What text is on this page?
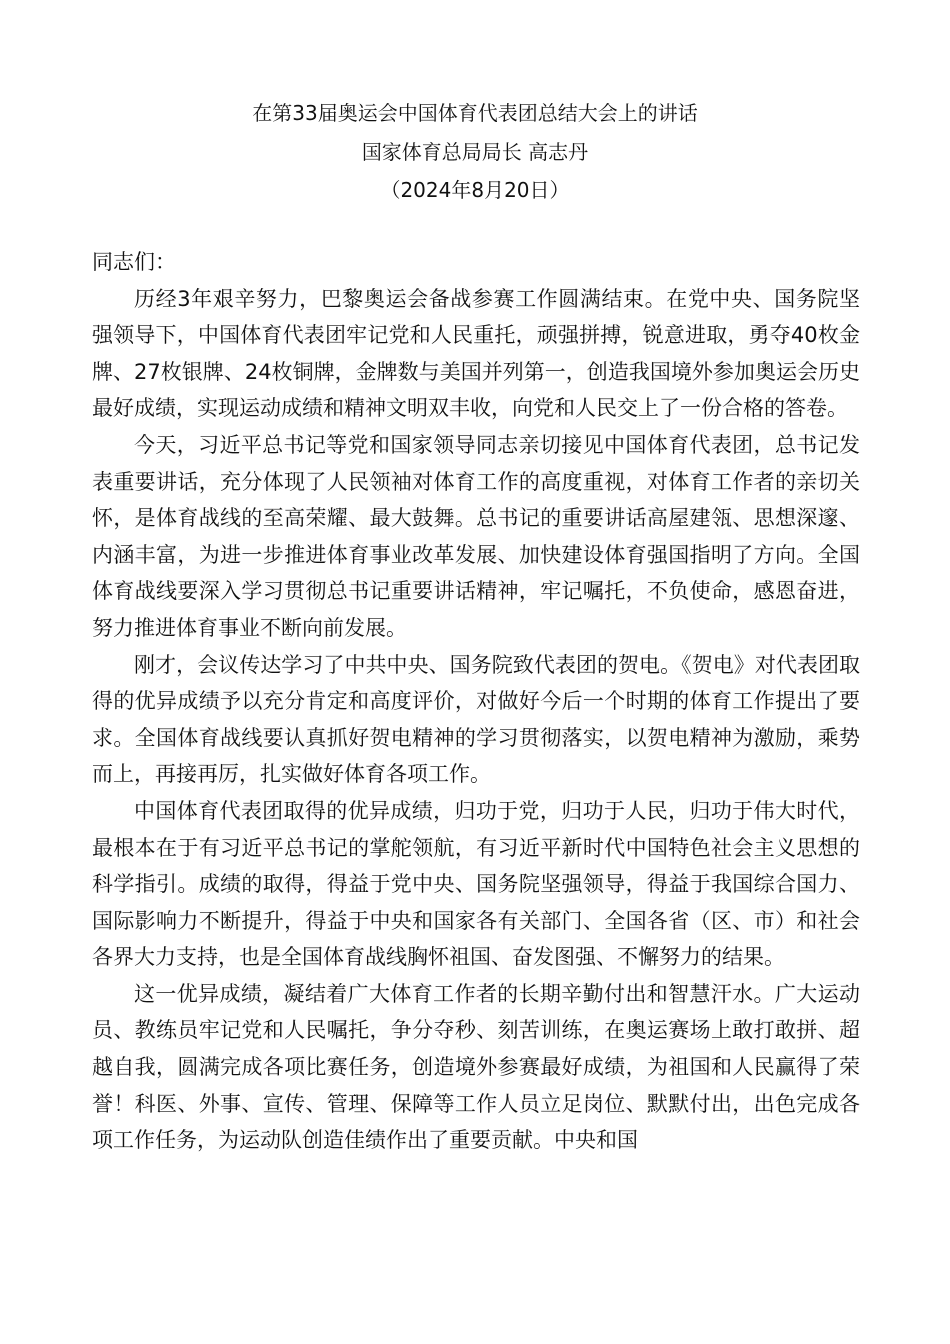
在第33届奥运会中国体育代表团总结大会上的讲话
国家体育总局局长 高志丹
（2024年8月20日）

同志们：

历经3年艰辛努力，巴黎奥运会备战参赛工作圆满结束。在党中央、国务院坚强领导下，中国体育代表团牢记党和人民重托，顽强拼搏，锐意进取，勇夺40枚金牌、27枚银牌、24枚铜牌，金牌数与美国并列第一，创造我国境外参加奥运会历史最好成绩，实现运动成绩和精神文明双丰收，向党和人民交上了一份合格的答卷。

今天，习近平总书记等党和国家领导同志亲切接见中国体育代表团，总书记发表重要讲话，充分体现了人民领袖对体育工作的高度重视，对体育工作者的亲切关怀，是体育战线的至高荣耀、最大鼓舞。总书记的重要讲话高屋建瓴、思想深邃、内涵丰富，为进一步推进体育事业改革发展、加快建设体育强国指明了方向。全国体育战线要深入学习贯彻总书记重要讲话精神，牢记嘱托，不负使命，感恩奋进，努力推进体育事业不断向前发展。

刚才，会议传达学习了中共中央、国务院致代表团的贺电。《贺电》对代表团取得的优异成绩予以充分肯定和高度评价，对做好今后一个时期的体育工作提出了要求。全国体育战线要认真抓好贺电精神的学习贯彻落实，以贺电精神为激励，乘势而上，再接再厉，扎实做好体育各项工作。

中国体育代表团取得的优异成绩，归功于党，归功于人民，归功于伟大时代，最根本在于有习近平总书记的掌舵领航，有习近平新时代中国特色社会主义思想的科学指引。成绩的取得，得益于党中央、国务院坚强领导，得益于我国综合国力、国际影响力不断提升，得益于中央和国家各有关部门、全国各省（区、市）和社会各界大力支持，也是全国体育战线胸怀祖国、奋发图强、不懈努力的结果。

这一优异成绩，凝结着广大体育工作者的长期辛勤付出和智慧汗水。广大运动员、教练员牢记党和人民嘱托，争分夺秒、刻苦训练，在奥运赛场上敢打敢拼、超越自我，圆满完成各项比赛任务，创造境外参赛最好成绩，为祖国和人民赢得了荣誉！科医、外事、宣传、管理、保障等工作人员立足岗位、默默付出，出色完成各项工作任务，为运动队创造佳绩作出了重要贡献。中央和国
